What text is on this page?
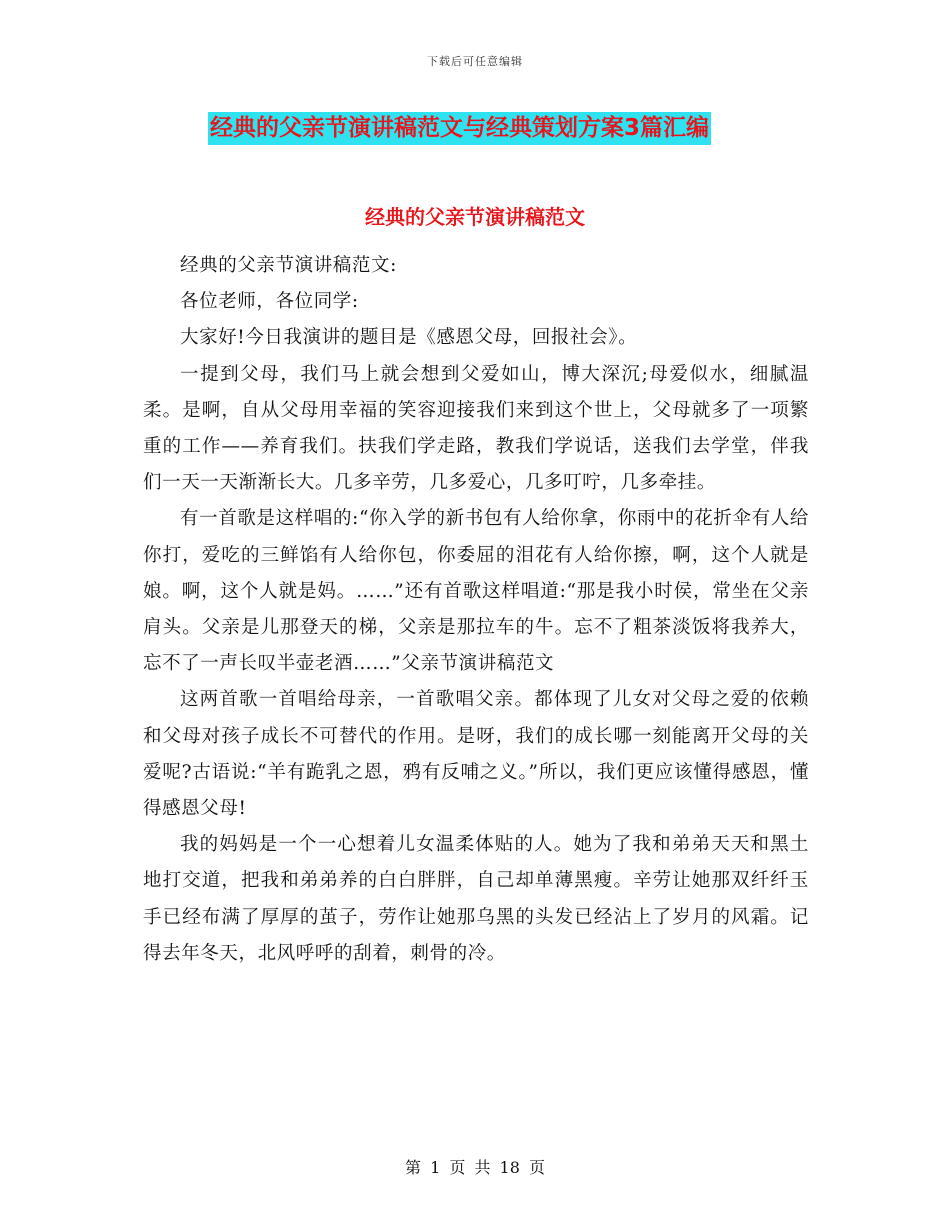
下载后可任意编辑
经典的父亲节演讲稿范文与经典策划方案3篇汇编
经典的父亲节演讲稿范文

经典的父亲节演讲稿范文:

各位老师，各位同学:

大家好!今日我演讲的题目是《感恩父母，回报社会》。

一提到父母，我们马上就会想到父爱如山，博大深沉;母爱似水，细腻温柔。是啊，自从父母用幸福的笑容迎接我们来到这个世上，父母就多了一项繁重的工作——养育我们。扶我们学走路，教我们学说话，送我们去学堂，伴我们一天一天渐渐长大。几多辛劳，几多爱心，几多叮咛，几多牵挂。

有一首歌是这样唱的:“你入学的新书包有人给你拿，你雨中的花折伞有人给你打，爱吃的三鲜馅有人给你包，你委屈的泪花有人给你擦，啊，这个人就是娘。啊，这个人就是妈。……”还有首歌这样唱道:“那是我小时侯，常坐在父亲肩头。父亲是儿那登天的梯，父亲是那拉车的牛。忘不了粗茶淡饭将我养大，忘不了一声长叹半壶老酒……”父亲节演讲稿范文

这两首歌一首唱给母亲，一首歌唱父亲。都体现了儿女对父母之爱的依赖和父母对孩子成长不可替代的作用。是呀，我们的成长哪一刻能离开父母的关爱呢?古语说:“羊有跪乳之恩，鸦有反哺之义。”所以，我们更应该懂得感恩，懂得感恩父母!

我的妈妈是一个一心想着儿女温柔体贴的人。她为了我和弟弟天天和黑土地打交道，把我和弟弟养的白白胖胖，自己却单薄黑瘦。辛劳让她那双纤纤玉手已经布满了厚厚的茧子，劳作让她那乌黑的头发已经沾上了岁月的风霜。记得去年冬天，北风呼呼的刮着，刺骨的冷。

第 1 页 共 18 页
